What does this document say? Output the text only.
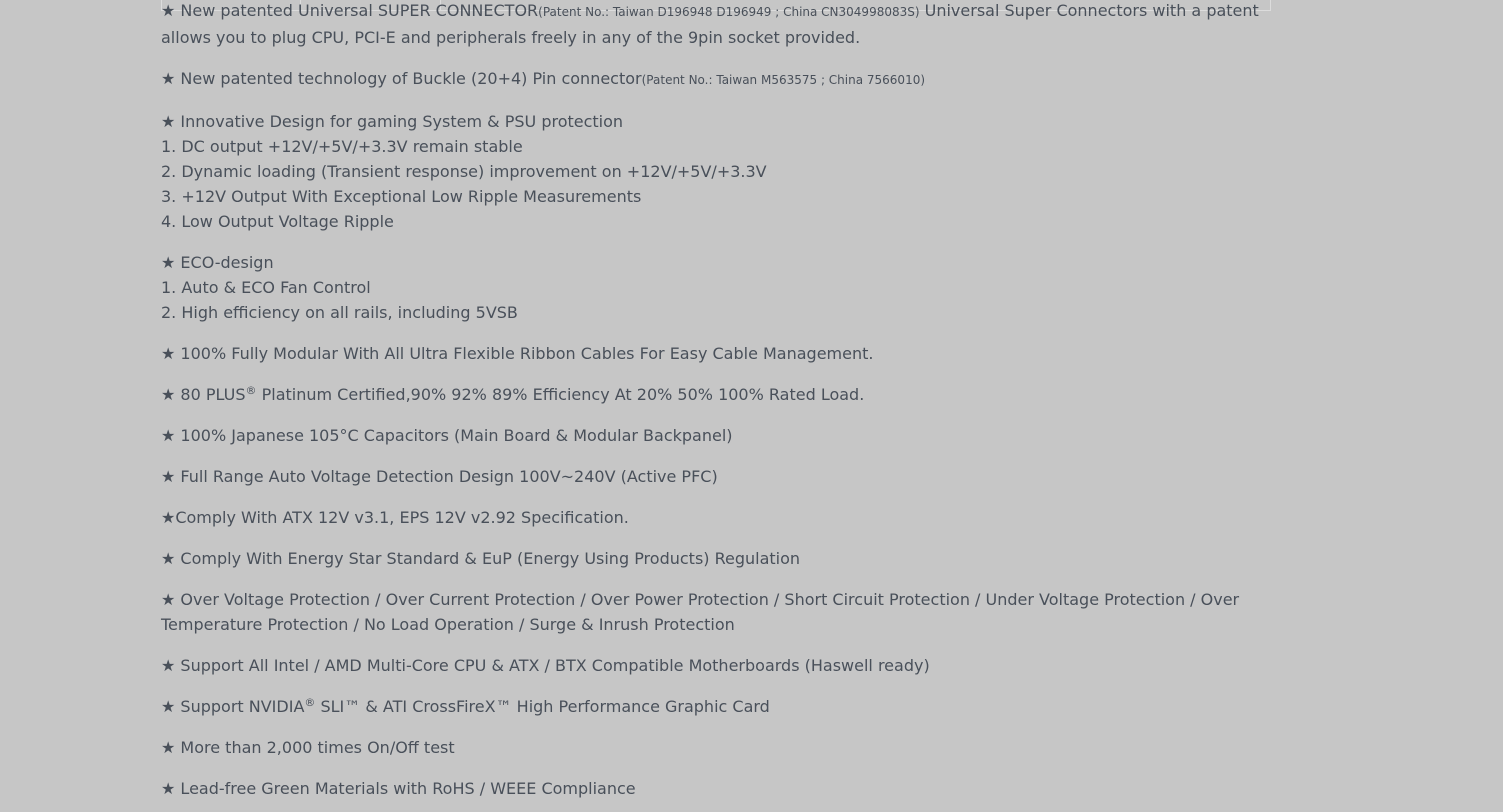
★ New patented Universal SUPER CONNECTOR(Patent No.: Taiwan D196948 D196949 ; China CN304998083S) Universal Super Connectors with a patent allows you to plug CPU, PCI-E and peripherals freely in any of the 9pin socket provided.

★ New patented technology of Buckle (20+4) Pin connector(Patent No.: Taiwan M563575 ; China 7566010)

★ Innovative Design for gaming System & PSU protection
1. DC output +12V/+5V/+3.3V remain stable
2. Dynamic loading (Transient response) improvement on +12V/+5V/+3.3V
3. +12V Output With Exceptional Low Ripple Measurements
4. Low Output Voltage Ripple

★ ECO-design
1. Auto & ECO Fan Control
2. High efficiency on all rails, including 5VSB

★ 100% Fully Modular With All Ultra Flexible Ribbon Cables For Easy Cable Management.

★ 80 PLUS® Platinum Certified,90% 92% 89% Efficiency At 20% 50% 100% Rated Load.

★ 100% Japanese 105°C Capacitors (Main Board & Modular Backpanel)

★ Full Range Auto Voltage Detection Design 100V~240V (Active PFC)

★Comply With ATX 12V v3.1, EPS 12V v2.92 Specification.

★ Comply With Energy Star Standard & EuP (Energy Using Products) Regulation

★ Over Voltage Protection / Over Current Protection / Over Power Protection / Short Circuit Protection / Under Voltage Protection / Over Temperature Protection / No Load Operation / Surge & Inrush Protection

★ Support All Intel / AMD Multi-Core CPU & ATX / BTX Compatible Motherboards (Haswell ready)

★ Support NVIDIA® SLI™ & ATI CrossFireX™ High Performance Graphic Card

★ More than 2,000 times On/Off test

★ Lead-free Green Materials with RoHS / WEEE Compliance
